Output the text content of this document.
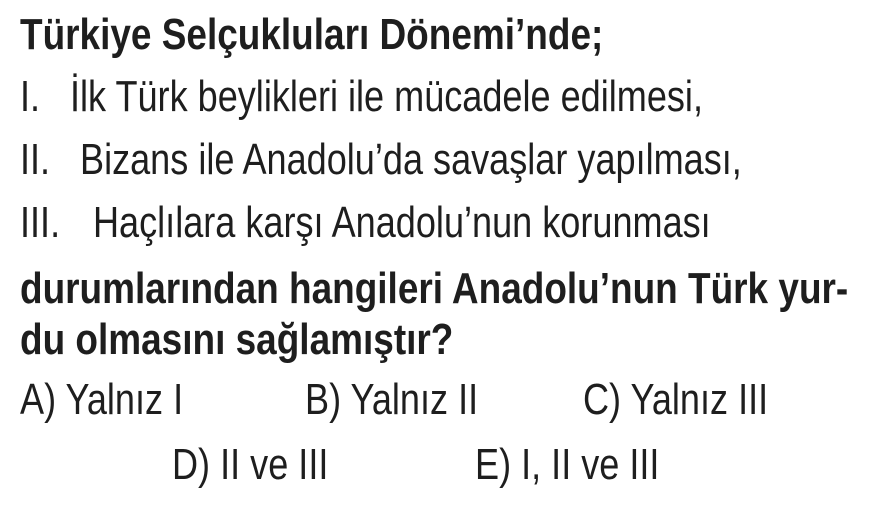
Türkiye Selçukluları Dönemi’nde;
I. İlk Türk beylikleri ile mücadele edilmesi,
II. Bizans ile Anadolu’da savaşlar yapılması,
III. Haçlılara karşı Anadolu’nun korunması
durumlarından hangileri Anadolu’nun Türk yur-
du olmasını sağlamıştır?
A) Yalnız I	B) Yalnız II C) Yalnız III
D) II ve III	E) I, II ve III
